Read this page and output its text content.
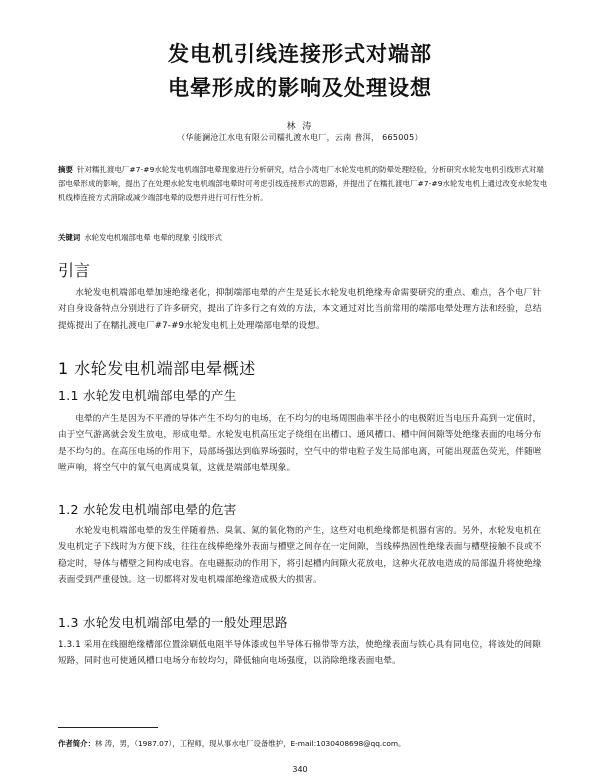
发电机引线连接形式对端部
电晕形成的影响及处理设想
林 涛
（华能澜沧江水电有限公司糯扎渡水电厂，云南 普洱， 665005）
摘要 针对糯扎渡电厂#7-#9水轮发电机端部电晕现象进行分析研究，结合小湾电厂水轮发电机的防晕处理经验，分析研究水轮发电机引线形式对端部电晕形成的影响，提出了在处理水轮发电机端部电晕时可考虑引线连接形式的思路，并提出了在糯扎渡电厂#7-#9水轮发电机上通过改变水轮发电机线棒连接方式消除或减少端部电晕的设想并进行可行性分析。
关键词 水轮发电机端部电晕 电晕的现象 引线形式
引言
水轮发电机端部电晕加速绝缘老化，抑制端部电晕的产生是延长水轮发电机绝缘寿命需要研究的重点、难点，各个电厂针对自身设备特点分别进行了许多研究，提出了许多行之有效的方法，本文通过对比当前常用的端部电晕处理方法和经验，总结提炼提出了在糯扎渡电厂#7-#9水轮发电机上处理端部电晕的设想。
1 水轮发电机端部电晕概述
1.1 水轮发电机端部电晕的产生
电晕的产生是因为不平滑的导体产生不均匀的电场，在不均匀的电场周围曲率半径小的电极附近当电压升高到一定值时，由于空气游离就会发生放电，形成电晕。水轮发电机高压定子绕组在出槽口、通风槽口、槽中间间隙等处绝缘表面的电场分布是不均匀的。在高压电场的作用下，局部场强达到临界场强时，空气中的带电粒子发生局部电离，可能出现蓝色荧光，伴随咝咝声响，将空气中的氧气电离成臭氧，这就是端部电晕现象。
1.2 水轮发电机端部电晕的危害
水轮发电机端部电晕的发生伴随着热、臭氧、氮的氧化物的产生，这些对电机绝缘都是机器有害的。另外，水轮发电机在发电机定子下线时为方便下线，往往在线棒绝缘外表面与槽壁之间存在一定间隙，当线棒热固性绝缘表面与槽壁接触不良或不稳定时，导体与槽壁之间构成电容。在电磁振动的作用下，将引起槽内间隙火花放电，这种火花放电造成的局部温升将使绝缘表面受到严重侵蚀。这一切都将对发电机端部绝缘造成极大的损害。
1.3 水轮发电机端部电晕的一般处理思路
1.3.1 采用在线圈绝缘槽部位置涂刷低电阻半导体漆或包半导体石棉带等方法，使绝缘表面与铁心具有同电位，将该处的间隙短路，同时也可使通风槽口电场分布较均匀，降低轴向电场强度，以消除绝缘表面电晕。
作者简介：林 涛，男，（1987.07），工程师，现从事水电厂设备维护，E-mail:1030408698@qq.com。
340
